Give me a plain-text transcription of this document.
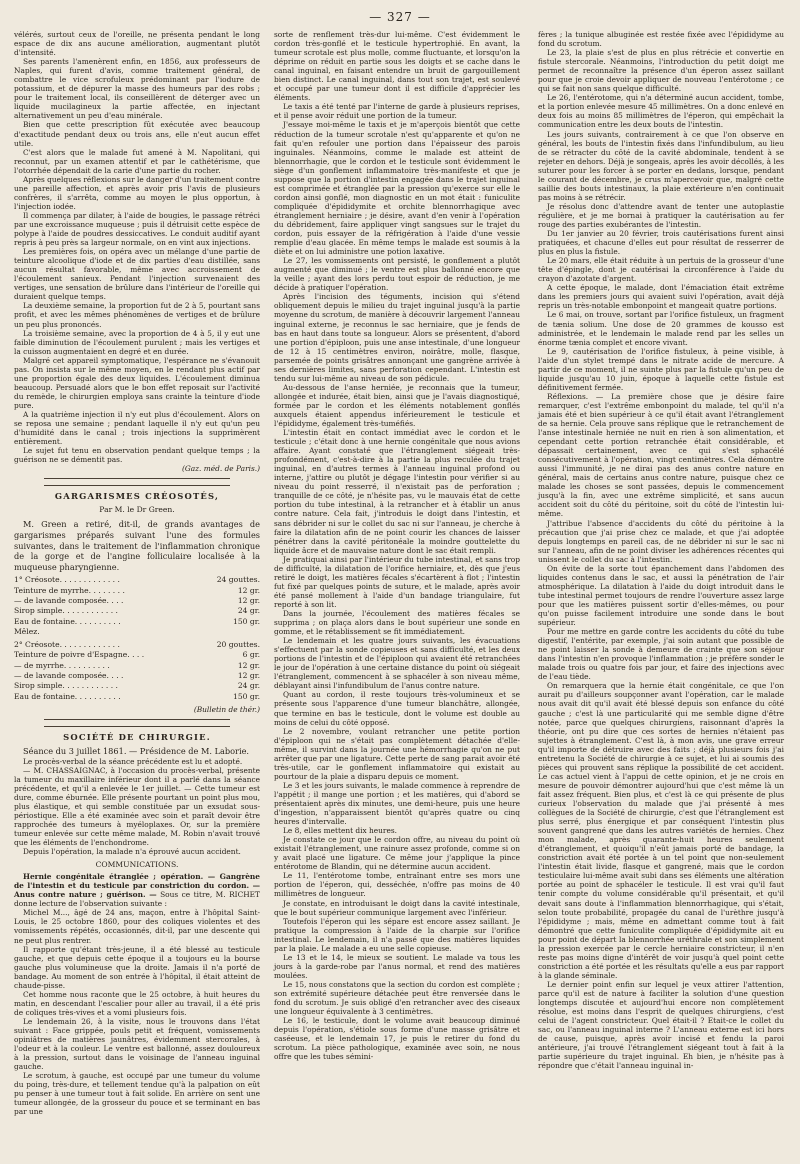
— 327 —

vélérés, surtout ceux de l'oreille, ne présenta pendant le long espace de dix ans aucune amélioration, augmentant plutôt d'intensité.

Ses parents l'amenèrent enfin, en 1856, aux professeurs de Naples, qui furent d'avis, comme traitement général, de combattre le vice scrofuleux prédominant par l'iodure de potassium, et de dépurer la masse des humeurs par des robs ; pour le traitement local, ils conseillèrent de déterger avec un liquide mucilagineux la partie affectée, en injectant alternativement un peu d'eau minérale.

Bien que cette prescription fût exécutée avec beaucoup d'exactitude pendant deux ou trois ans, elle n'eut aucun effet utile.

C'est alors que le malade fut amené à M. Napolitani, qui reconnut, par un examen attentif et par le cathétérisme, que l'otorrhée dépendait de la carie d'une partie du rocher.

Après quelques réflexions sur le danger d'un traitement contre une pareille affection, et après avoir pris l'avis de plusieurs confrères, il s'arrêta, comme au moyen le plus opportun, à l'injection iodée.

Il commença par dilater, à l'aide de bougies, le passage rétréci par une excroissance muqueuse ; puis il détruisit cette espèce de polype à l'aide de poudres dessiccatives. Le conduit auditif ayant repris à peu près sa largeur normale, on en vint aux injections.

Les premières fois, on opéra avec un mélange d'une partie de teinture alcoolique d'iode et de dix parties d'eau distillée, sans aucun résultat favorable, même avec accroissement de l'écoulement sanieux. Pendant l'injection survenaient des vertiges, une sensation de brûlure dans l'intérieur de l'oreille qui duraient quelque temps.

La deuxième semaine, la proportion fut de 2 à 5, pourtant sans profit, et avec les mêmes phénomènes de vertiges et de brûlure un peu plus prononcés.

La troisième semaine, avec la proportion de 4 à 5, il y eut une faible diminution de l'écoulement purulent ; mais les vertiges et la cuisson augmentaient en degré et en durée.

Malgré cet appareil symptomatique, l'espérance ne s'évanouit pas. On insista sur le même moyen, en le rendant plus actif par une proportion égale des deux liquides. L'écoulement diminua beaucoup. Persuadé alors que le bon effet reposait sur l'activité du remède, le chirurgien employa sans crainte la teinture d'iode pure.

A la quatrième injection il n'y eut plus d'écoulement. Alors on se reposa une semaine ; pendant laquelle il n'y eut qu'un peu d'humidité dans le canal ; trois injections la supprimèrent entièrement.

Le sujet fut tenu en observation pendant quelque temps ; la guérison ne se démentit pas.

(Gaz. méd. de Paris.)
GARGARISMES CRÉOSOTÉS,
Par M. le Dr Green.

M. Green a retiré, dit-il, de grands avantages de gargarismes préparés suivant l'une des formules suivantes, dans le traitement de l'inflammation chronique de la gorge et de l'angine folliculaire localisée à la muqueuse pharyngienne.

1° Créosote. . . . . . . . . . . . .	24 gouttes.
Teinture de myrrhe. . . . . . . .	12 gr.
— de lavande composée. . . .	12 gr.
Sirop simple. . . . . . . . . . . .	24 gr.
Eau de fontaine. . . . . . . . . .	150 gr.
Mêlez.	
2° Créosote. . . . . . . . . . . . .	20 gouttes.
Teinture de poivre d'Espagne. . . .	6 gr.
— de myrrhe. . . . . . . . . .	12 gr.
— de lavande composée. . . .	12 gr.
Sirop simple. . . . . . . . . . . .	24 gr.
Eau de fontaine. . . . . . . . . .	150 gr.
(Bulletin de thér.)
SOCIÉTÉ DE CHIRURGIE.

Séance du 3 juillet 1861. — Présidence de M. Laborie.

Le procès-verbal de la séance précédente est lu et adopté.

— M. CHASSAIGNAC, à l'occasion du procès-verbal, présente la tumeur du maxillaire inférieur dont il a parlé dans la séance précédente, et qu'il a enlevée le 1er juillet. — Cette tumeur est dure, comme éburnée. Elle présente pourtant un point plus mou, plus élastique, et qui semble constituée par un exsudat sous-périostique. Elle a été examinée avec soin et paraît devoir être rapprochée des tumeurs à myéloplaxes. Or, sur la première tumeur enlevée sur cette même malade, M. Robin n'avait trouvé que les éléments de l'enchondrome.

Depuis l'opération, la malade n'a éprouvé aucun accident.

COMMUNICATIONS.

Hernie congénitale étranglée ; opération. — Gangrène de l'intestin et du testicule par constriction du cordon. — Anus contre nature ; guérison. — Sous ce titre, M. RICHET donne lecture de l'observation suivante :

Michel M..., âgé de 24 ans, maçon, entre à l'hôpital Saint-Louis, le 25 octobre 1860, pour des coliques violentes et des vomissements répétés, occasionnés, dit-il, par une descente qui ne peut plus rentrer.

Il rapporte qu'étant très-jeune, il a été blessé au testicule gauche, et que depuis cette époque il a toujours eu la bourse gauche plus volumineuse que la droite. Jamais il n'a porté de bandage. Au moment de son entrée à l'hôpital, il était atteint de chaude-pisse.

Cet homme nous raconte que le 25 octobre, à huit heures du matin, en descendant l'escalier pour aller au travail, il a été pris de coliques très-vives et a vomi plusieurs fois.

Le lendemain 26, à la visite, nous le trouvons dans l'état suivant : Face grippée, pouls petit et fréquent, vomissements opiniâtres de matières jaunâtres, évidemment stercorales, à l'odeur et à la couleur. Le ventre est ballonné, assez douloureux à la pression, surtout dans le voisinage de l'anneau inguinal gauche.

Le scrotum, à gauche, est occupé par une tumeur du volume du poing, très-dure, et tellement tendue qu'à la palpation on eût pu penser à une tumeur tout à fait solide. En arrière on sent une tumeur allongée, de la grosseur du pouce et se terminant en bas par une

sorte de renflement très-dur lui-même. C'est évidemment le cordon très-gonflé et le testicule hypertrophié. En avant, la tumeur scrotale est plus molle, comme fluctuante, et lorsqu'on la déprime on réduit en partie sous les doigts et se cache dans le canal inguinal, en faisant entendre un bruit de gargouillement bien distinct. Le canal inguinal, dans tout son trajet, est soulevé et occupé par une tumeur dont il est difficile d'apprécier les éléments.

Le taxis a été tenté par l'interne de garde à plusieurs reprises, et il pense avoir réduit une portion de la tumeur.

J'essaye moi-même le taxis et je m'aperçois bientôt que cette réduction de la tumeur scrotale n'est qu'apparente et qu'on ne fait qu'en refouler une portion dans l'épaisseur des parois inguinales. Néanmoins, comme le malade est atteint de blennorrhagie, que le cordon et le testicule sont évidemment le siège d'un gonflement inflammatoire très-manifeste et que je suppose que la portion d'intestin engagée dans le trajet inguinal est comprimée et étranglée par la pression qu'exerce sur elle le cordon ainsi gonflé, mon diagnostic en un mot était : funiculite compliquée d'épididymite et orchite blennorrhagique avec étranglement herniaire ; je désire, avant d'en venir à l'opération du débridement, faire appliquer vingt sangsues sur le trajet du cordon, puis essayer de la réfrigération à l'aide d'une vessie remplie d'eau glacée. En même temps le malade est soumis à la diète et on lui administre une potion laxative.

Le 27, les vomissements ont persisté, le gonflement a plutôt augmenté que diminué ; le ventre est plus ballonné encore que la veille ; ayant des lors perdu tout espoir de réduction, je me décide à pratiquer l'opération.

Après l'incision des téguments, incision qui s'étend obliquement depuis le milieu du trajet inguinal jusqu'à la partie moyenne du scrotum, de manière à découvrir largement l'anneau inguinal externe, je reconnus le sac herniaire, que je fends de bas en haut dans toute sa longueur. Alors se présentent, d'abord une portion d'épiploon, puis une anse intestinale, d'une longueur de 12 à 15 centimètres environ, noirâtre, molle, flasque, parsemée de points grisâtres annonçant une gangrène arrivée à ses dernières limites, sans perforation cependant. L'intestin est tendu sur lui-même au niveau de son pédicule.

Au-dessous de l'anse herniée, je reconnais que la tumeur, allongée et indurée, était bien, ainsi que je l'avais diagnostiqué, formée par le cordon et les éléments notablement gonflés auxquels étaient appendus inférieurement le testicule et l'épididyme, également très-tuméfiés.

L'intestin était en contact immédiat avec le cordon et le testicule ; c'était donc à une hernie congénitale que nous avions affaire. Ayant constaté que l'étranglement siégeait très-profondément, c'est-à-dire à la partie la plus reculée du trajet inguinal, en d'autres termes à l'anneau inguinal profond ou interne, j'attire ou plutôt je dégage l'intestin pour vérifier si au niveau du point resserré, il n'existait pas de perforation ; tranquille de ce côté, je n'hésite pas, vu le mauvais état de cette portion du tube intestinal, à la retrancher et à établir un anus contre nature. Cela fait, j'introduis le doigt dans l'intestin, et sans débrider ni sur le collet du sac ni sur l'anneau, je cherche à faire la dilatation afin de ne point courir les chances de laisser pénétrer dans la cavité péritonéale la moindre gouttelette du liquide âcre et de mauvaise nature dont le sac était rempli.

Je pratiquai ainsi par l'intérieur du tube intestinal, et sans trop de difficulté, la dilatation de l'orifice herniaire, et, dès que j'eus retiré le doigt, les matières fécales s'écartèrent à flot ; l'intestin fut fixé par quelques points de suture, et le malade, après avoir été pansé mollement à l'aide d'un bandage triangulaire, fut reporté à son lit.

Dans la journée, l'écoulement des matières fécales se supprima ; on plaça alors dans le bout supérieur une sonde en gomme, et le rétablissement se fit immédiatement.

Le lendemain et les quatre jours suivants, les évacuations s'effectuent par la sonde copieuses et sans difficulté, et les deux portions de l'intestin et de l'épiploon qui avaient été retranchées le jour de l'opération à une certaine distance du point où siégeait l'étranglement, commencent à se sphacéler à son niveau même, déblayant ainsi l'infundibulum de l'anus contre nature.

Quant au cordon, il reste toujours très-volumineux et se présente sous l'apparence d'une tumeur blanchâtre, allongée, que termine en bas le testicule, dont le volume est double au moins de celui du côté opposé.

Le 2 novembre, voulant retrancher une petite portion d'épiploon qui ne s'était pas complètement détachée d'elle-même, il survint dans la journée une hémorrhagie qu'on ne put arrêter que par une ligature. Cette perte de sang parait avoir été très-utile, car le gonflement inflammatoire qui existait au pourtour de la plaie a disparu depuis ce moment.

Le 3 et les jours suivants, le malade commence à reprendre de l'appétit ; il mange une portion ; et les matières, qui d'abord se présentaient après dix minutes, une demi-heure, puis une heure d'ingestion, n'apparaissent bientôt qu'après quatre ou cinq heures d'intervalle.

Le 8, elles mettent dix heures.

Je constate ce jour que le cordon offre, au niveau du point où existait l'étranglement, une rainure assez profonde, comme si on y avait placé une ligature. Ce même jour j'applique la pince entérotome de Blandin, qui ne détermine aucun accident.

Le 11, l'entérotome tombe, entraînant entre ses mors une portion de l'éperon, qui, desséchée, n'offre pas moins de 40 millimètres de longueur.

Je constate, en introduisant le doigt dans la cavité intestinale, que le bout supérieur communique largement avec l'inférieur.

Toutefois l'éperon qui les sépare est encore assez saillant. Je pratique la compression à l'aide de la charpie sur l'orifice intestinal. Le lendemain, il n'a passé que des matières liquides par la plaie. Le malade a eu une selle copieuse.

Le 13 et le 14, le mieux se soutient. Le malade va tous les jours à la garde-robe par l'anus normal, et rend des matières moulées.

Le 15, nous constatons que la section du cordon est complète ; son extrémité supérieure détachée peut être renversée dans le fond du scrotum. Je suis obligé d'en retrancher avec des ciseaux une longueur équivalente à 3 centimètres.

Le 16, le testicule, dont le volume avait beaucoup diminué depuis l'opération, s'étiole sous forme d'une masse grisâtre et caséeuse, et le lendemain 17, je puis le retirer du fond du scrotum. La pièce pathologique, examinée avec soin, ne nous offre que les tubes sémini-

fères ; la tunique albuginée est restée fixée avec l'épididyme au fond du scrotum.

Le 23, la plaie s'est de plus en plus rétrécie et convertie en fistule stercorale. Néanmoins, l'introduction du petit doigt me permet de reconnaître la présence d'un éperon assez saillant pour que je croie devoir appliquer de nouveau l'entérotome ; ce qui se fait non sans quelque difficulté.

Le 26, l'entérotome, qui n'a déterminé aucun accident, tombe, et la portion enlevée mesure 45 millimètres. On a donc enlevé en deux fois au moins 85 millimètres de l'éperon, qui empêchait la communication entre les deux bouts de l'intestin.

Les jours suivants, contrairement à ce que l'on observe en général, les bouts de l'intestin fixés dans l'infundibulum, au lieu de se rétracter du côté de la cavité abdominale, tendent à se rejeter en dehors. Déjà je songeais, après les avoir décollés, à les suturer pour les forcer à se porter en dedans, lorsque, pendant le courant de décembre, je crus m'apercevoir que, malgré cette saillie des bouts intestinaux, la plaie extérieure n'en continuait pas moins à se rétrécir.

Je résolus donc d'attendre avant de tenter une autoplastie régulière, et je me bornai à pratiquer la cautérisation au fer rouge des parties exubérantes de l'intestin.

Du 1er janvier au 20 février, trois cautérisations furent ainsi pratiquées, et chacune d'elles eut pour résultat de resserrer de plus en plus la fistule.

Le 20 mars, elle était réduite à un pertuis de la grosseur d'une tête d'épingle, dont je cautérisai la circonférence à l'aide du crayon d'azotate d'argent.

A cette époque, le malade, dont l'émaciation était extrême dans les premiers jours qui avaient suivi l'opération, avait déjà repris un très-notable embonpoint et mangeait quatre portions.

Le 6 mai, on trouve, sortant par l'orifice fistuleux, un fragment de tænia solium. Une dose de 20 grammes de kousso est administrée, et le lendemain le malade rend par les selles un énorme tænia complet et encore vivant.

Le 9, cautérisation de l'orifice fistuleux, à peine visible, à l'aide d'un stylet trempé dans le nitrate acide de mercure. A partir de ce moment, il ne suinte plus par la fistule qu'un peu de liquide jusqu'au 10 juin, époque à laquelle cette fistule est définitivement fermée.

Réflexions. — La première chose que je désire faire remarquer, c'est l'extrême embonpoint du malade, tel qu'il n'a jamais été et bien supérieur à ce qu'il était avant l'étranglement de sa hernie. Cela prouve sans réplique que le retranchement de l'anse intestinale herniée ne nuit en rien à son alimentation, et cependant cette portion retranchée était considérable, et dépassait certainement, avec ce qui s'est sphacélé consécutivement à l'opération, vingt centimètres. Cela démontre aussi l'immunité, je ne dirai pas des anus contre nature en général, mais de certains anus contre nature, puisque chez ce malade les choses se sont passées, depuis le commencement jusqu'à la fin, avec une extrême simplicité, et sans aucun accident soit du côté du péritoine, soit du côté de l'intestin lui-même.

J'attribue l'absence d'accidents du côté du péritoine à la précaution que j'ai prise chez ce malade, et que j'ai adoptée depuis longtemps en pareil cas, de ne débrider ni sur le sac ni sur l'anneau, afin de ne point diviser les adhérences récentes qui unissent le collet du sac à l'intestin.

On évite de la sorte tout épanchement dans l'abdomen des liquides contenus dans le sac, et aussi la pénétration de l'air atmosphérique. La dilatation à l'aide du doigt introduit dans le tube intestinal permet toujours de rendre l'ouverture assez large pour que les matières puissent sortir d'elles-mêmes, ou pour qu'on puisse facilement introduire une sonde dans le bout supérieur.

Pour me mettre en garde contre les accidents du côté du tube digestif, l'entérite, par exemple, j'ai soin autant que possible de ne point laisser la sonde à demeure de crainte que son séjour dans l'intestin n'en provoque l'inflammation ; je préfère sonder le malade trois ou quatre fois par jour, et faire des injections avec de l'eau tiède.

On remarquera que la hernie était congénitale, ce que l'on aurait pu d'ailleurs soupçonner avant l'opération, car le malade nous avait dit qu'il avait été blessé depuis son enfance du côté gauche ; c'est là une particularité qui me semble digne d'être notée, parce que quelques chirurgiens, raisonnant d'après la théorie, ont pu dire que ces sortes de hernies n'étaient pas sujettes à étranglement. C'est là, à mon avis, une grave erreur qu'il importe de détruire avec des faits ; déjà plusieurs fois j'ai entretenu la Société de chirurgie à ce sujet, et lui ai soumis des pièces qui prouvent sans réplique la possibilité de cet accident. Le cas actuel vient à l'appui de cette opinion, et je ne crois en mesure de pouvoir démontrer aujourd'hui que c'est même là un fait assez fréquent. Bien plus, et c'est là ce qui présente de plus curieux l'observation du malade que j'ai présenté à mes collègues de la Société de chirurgie, c'est que l'étranglement est plus serré, plus énergique et par conséquent l'intestin plus souvent gangrené que dans les autres variétés de hernies. Chez mon malade, après quarante-huit heures seulement d'étranglement, et quoiqu'il n'eût jamais porté de bandage, la constriction avait été portée à un tel point que non-seulement l'intestin était livide, flasque et gangrené, mais que le cordon testiculaire lui-même avait subi dans ses éléments une altération portée au point de sphacéler le testicule. Il est vrai qu'il faut tenir compte du volume considérable qu'il présentait, et qu'il devait sans doute à l'inflammation blennorrhagique, qui s'était, selon toute probabilité, propagée du canal de l'urèthre jusqu'à l'épididyme ; mais, même en admettant comme tout à fait démontré que cette funiculite compliquée d'épididymite ait eu pour point de départ la blennorrhée uréthrale et son simplement la pression exercée par le cercle herniaire constricteur, il n'en reste pas moins digne d'intérêt de voir jusqu'à quel point cette constriction a été portée et les résultats qu'elle a eus par rapport à la glande séminale.

Le dernier point enfin sur lequel je veux attirer l'attention, parce qu'il est de nature à faciliter la solution d'une question longtemps discutée et aujourd'hui encore non complètement résolue, est moins dans l'esprit de quelques chirurgiens, c'est celui de l'agent constricteur. Quel était-il ? Etait-ce le collet du sac, ou l'anneau inguinal interne ? L'anneau externe est ici hors de cause, puisque, après avoir incisé et fendu la paroi antérieure, j'ai trouvé l'étranglement siégeant tout à fait à la partie supérieure du trajet inguinal. Eh bien, je n'hésite pas à répondre que c'était l'anneau inguinal in-
